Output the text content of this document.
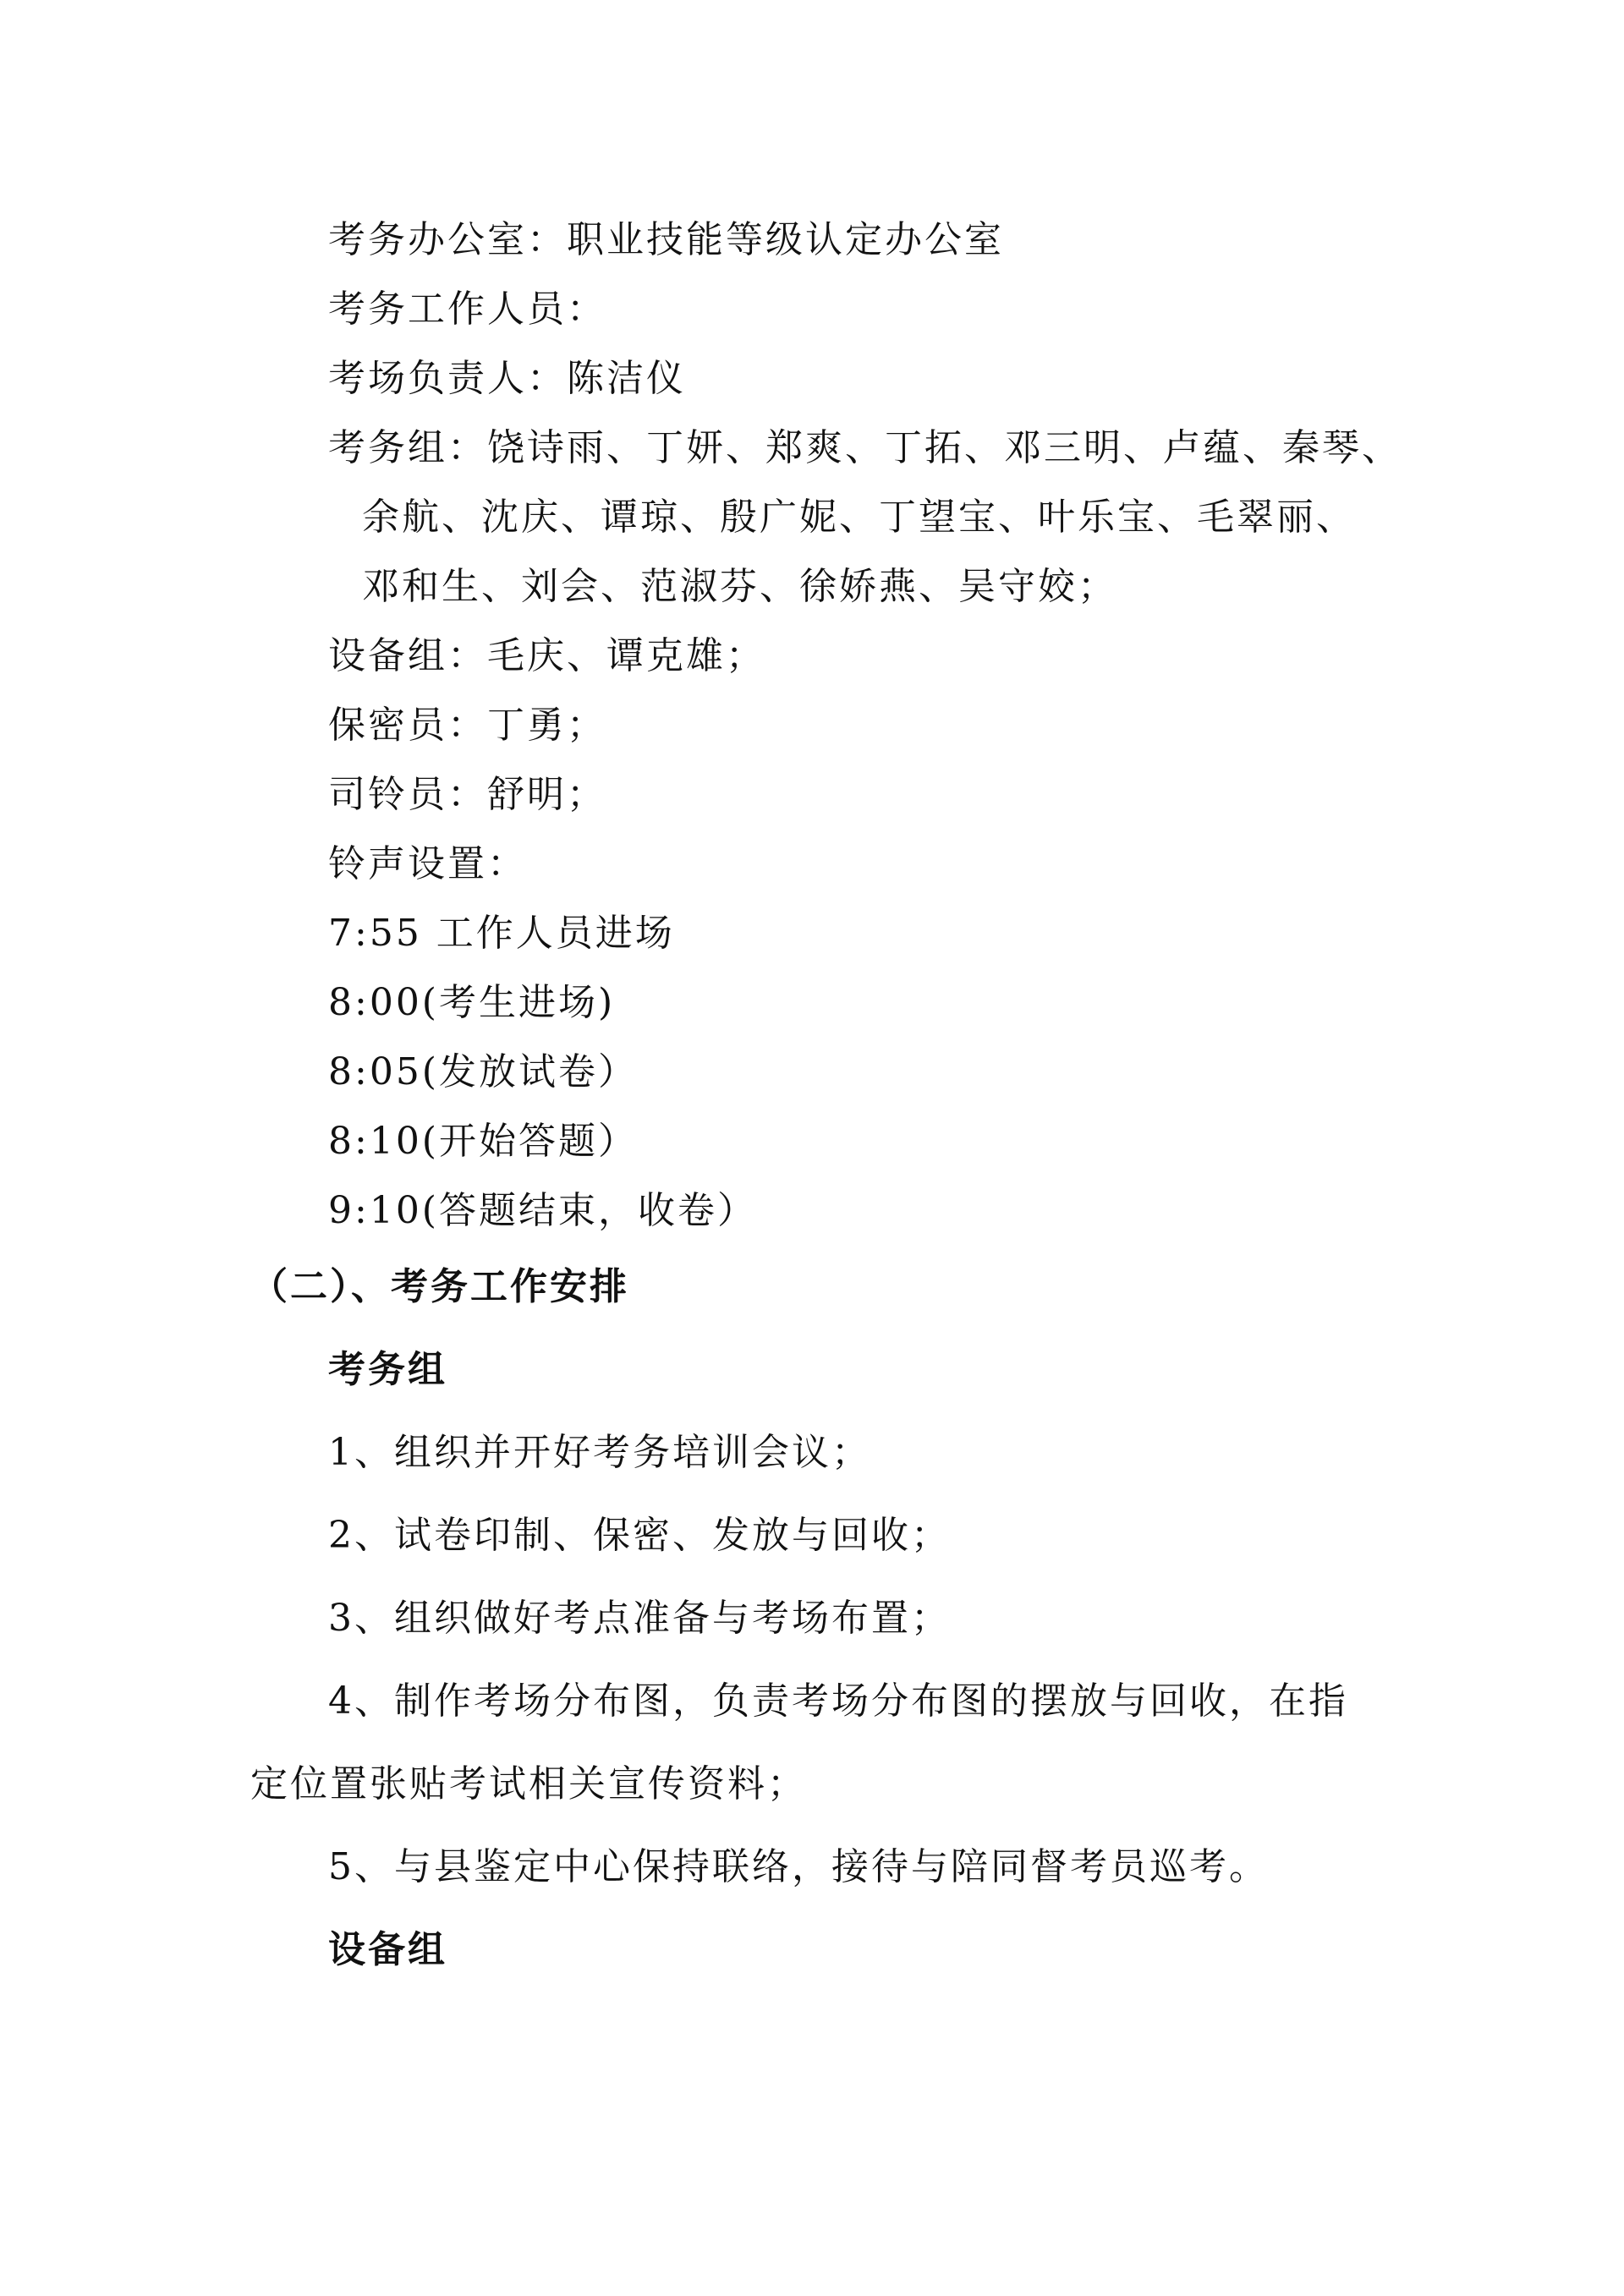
考务办公室：职业技能等级认定办公室
考务工作人员：
考场负责人：陈洁仪
考务组：饶诗雨、丁妍、郑爽、丁拓、邓三明、卢蕴、秦琴、
余航、沈庆、谭琼、殷广妮、丁望宝、叶乐宝、毛翠丽、
邓和生、刘会、范淑芬、徐娇燕、吴守姣；
设备组：毛庆、谭克雄；
保密员：丁勇；
司铃员：舒明；
铃声设置：
7:55 工作人员进场
8:00(考生进场)
8:05(发放试卷）
8:10(开始答题）
9:10(答题结束，收卷）
（二）、考务工作安排
考务组
1、组织并开好考务培训会议；
2、试卷印制、保密、发放与回收；
3、组织做好考点准备与考场布置；
4、制作考场分布图，负责考场分布图的摆放与回收，在指
定位置张贴考试相关宣传资料；
5、与县鉴定中心保持联络，接待与陪同督考员巡考。
设备组
